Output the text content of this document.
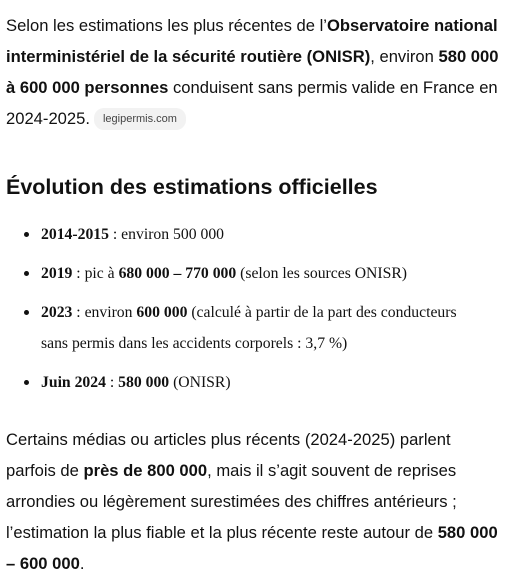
Selon les estimations les plus récentes de l’Observatoire national interministériel de la sécurité routière (ONISR), environ 580 000 à 600 000 personnes conduisent sans permis valide en France en 2024-2025. legipermis.com

Évolution des estimations officielles
2014-2015 : environ 500 000
2019 : pic à 680 000 – 770 000 (selon les sources ONISR)
2023 : environ 600 000 (calculé à partir de la part des conducteurs
sans permis dans les accidents corporels : 3,7 %)
Juin 2024 : 580 000 (ONISR)

Certains médias ou articles plus récents (2024-2025) parlent parfois de près de 800 000, mais il s’agit souvent de reprises arrondies ou légèrement surestimées des chiffres antérieurs ; l’estimation la plus fiable et la plus récente reste autour de 580 000 – 600 000.
